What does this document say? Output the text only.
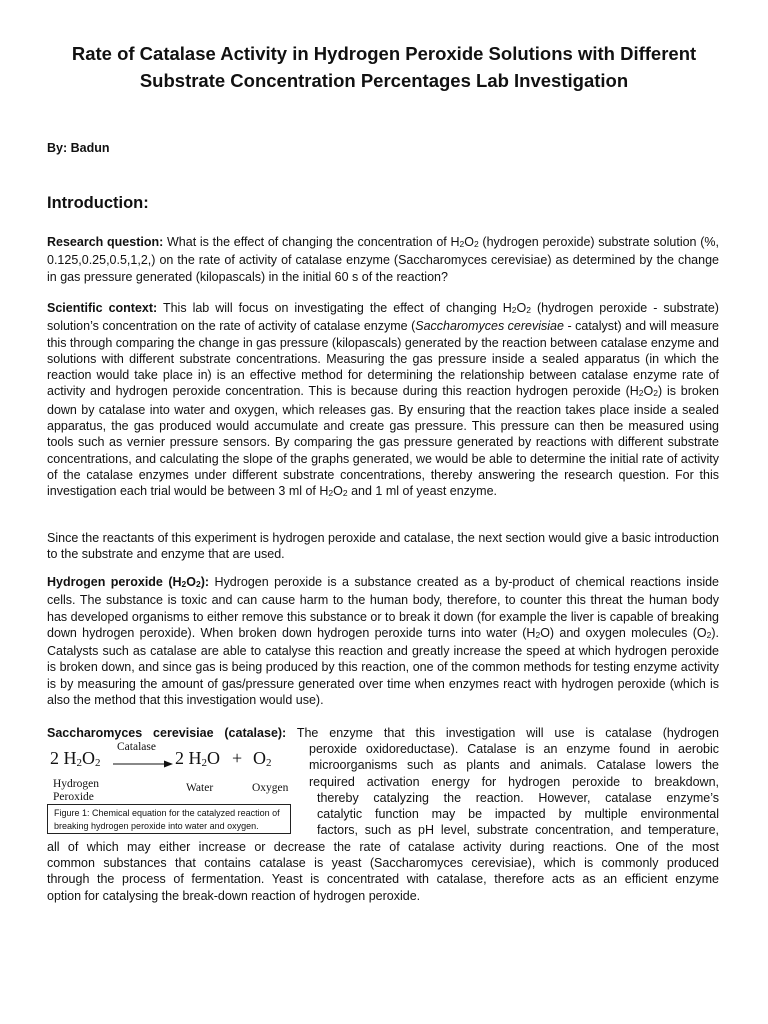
Rate of Catalase Activity in Hydrogen Peroxide Solutions with Different Substrate Concentration Percentages Lab Investigation

By: Badun

Introduction:

Research question: What is the effect of changing the concentration of H2O2 (hydrogen peroxide) substrate solution (%, 0.125,0.25,0.5,1,2,) on the rate of activity of catalase enzyme (Saccharomyces cerevisiae) as determined by the change in gas pressure generated (kilopascals) in the initial 60 s of the reaction?

Scientific context: This lab will focus on investigating the effect of changing H2O2 (hydrogen peroxide - substrate) solution’s concentration on the rate of activity of catalase enzyme (Saccharomyces cerevisiae - catalyst) and will measure this through comparing the change in gas pressure (kilopascals) generated by the reaction between catalase enzyme and solutions with different substrate concentrations. Measuring the gas pressure inside a sealed apparatus (in which the reaction would take place in) is an effective method for determining the relationship between catalase enzyme rate of activity and hydrogen peroxide concentration. This is because during this reaction hydrogen peroxide (H2O2) is broken down by catalase into water and oxygen, which releases gas. By ensuring that the reaction takes place inside a sealed apparatus, the gas produced would accumulate and create gas pressure. This pressure can then be measured using tools such as vernier pressure sensors. By comparing the gas pressure generated by reactions with different substrate concentrations, and calculating the slope of the graphs generated, we would be able to determine the initial rate of activity of the catalase enzymes under different substrate concentrations, thereby answering the research question. For this investigation each trial would be between 3 ml of H2O2 and 1 ml of yeast enzyme.

Since the reactants of this experiment is hydrogen peroxide and catalase, the next section would give a basic introduction to the substrate and enzyme that are used.

Hydrogen peroxide (H2O2): Hydrogen peroxide is a substance created as a by-product of chemical reactions inside cells. The substance is toxic and can cause harm to the human body, therefore, to counter this threat the human body has developed organisms to either remove this substance or to break it down (for example the liver is capable of breaking down hydrogen peroxide). When broken down hydrogen peroxide turns into water (H2O) and oxygen molecules (O2). Catalysts such as catalase are able to catalyse this reaction and greatly increase the speed at which hydrogen peroxide is broken down, and since gas is being produced by this reaction, one of the common methods for testing enzyme activity is by measuring the amount of gas/pressure generated over time when enzymes react with hydrogen peroxide (which is also the method that this investigation would use).

Saccharomyces cerevisiae (catalase): The enzyme that this investigation will use is catalase (hydrogen

peroxide oxidoreductase). Catalase is an enzyme found in aerobic

microorganisms such as plants and animals. Catalase lowers the

required activation energy for hydrogen peroxide to breakdown,

thereby catalyzing the reaction. However, catalase enzyme’s

catalytic function may be impacted by multiple environmental

factors, such as pH level, substrate concentration, and temperature,

all of which may either increase or decrease the rate of catalase activity during reactions. One of the most

common substances that contains catalase is yeast (Saccharomyces cerevisiae), which is commonly produced

through the process of fermentation. Yeast is concentrated with catalase, therefore acts as an efficient enzyme

option for catalysing the break-down reaction of hydrogen peroxide.

2 H2O2
Catalase
→ 2 H2O + O2
Hydrogen
Peroxide
Water	Oxygen

Figure 1: Chemical equation for the catalyzed reaction of breaking hydrogen peroxide into water and oxygen.
